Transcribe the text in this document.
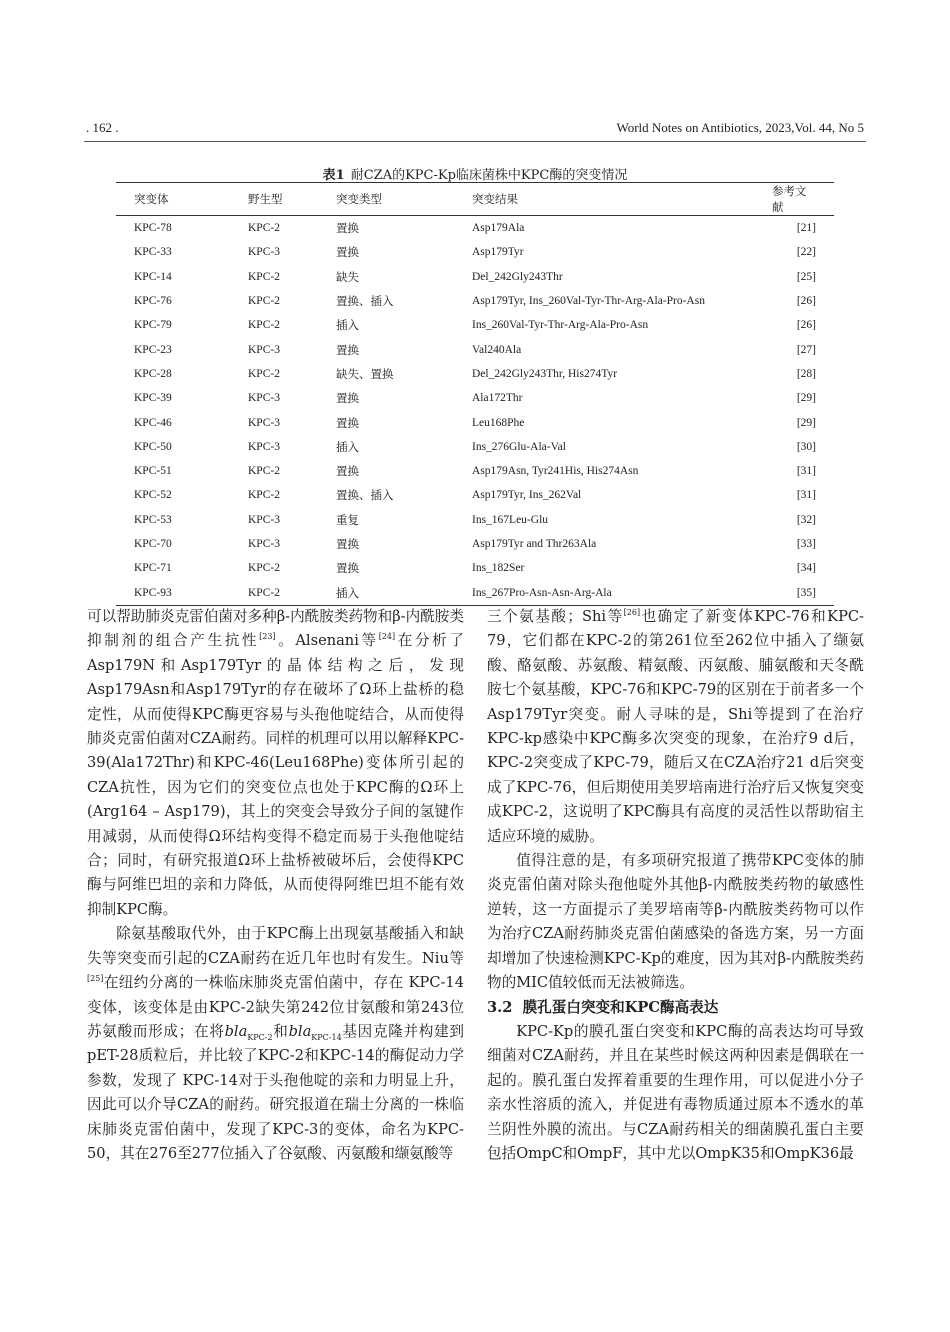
. 162 .	World Notes on Antibiotics, 2023,Vol. 44, No 5
表1 耐CZA的KPC-Kp临床菌株中KPC酶的突变情况
突变体	野生型	突变类型	突变结果	参考文献
KPC-78	KPC-2	置换	Asp179Ala	[21]
KPC-33	KPC-3	置换	Asp179Tyr	[22]
KPC-14	KPC-2	缺失	Del_242Gly243Thr	[25]
KPC-76	KPC-2	置换、插入	Asp179Tyr, Ins_260Val-Tyr-Thr-Arg-Ala-Pro-Asn	[26]
KPC-79	KPC-2	插入	Ins_260Val-Tyr-Thr-Arg-Ala-Pro-Asn	[26]
KPC-23	KPC-3	置换	Val240Ala	[27]
KPC-28	KPC-2	缺失、置换	Del_242Gly243Thr, His274Tyr	[28]
KPC-39	KPC-3	置换	Ala172Thr	[29]
KPC-46	KPC-3	置换	Leu168Phe	[29]
KPC-50	KPC-3	插入	Ins_276Glu-Ala-Val	[30]
KPC-51	KPC-2	置换	Asp179Asn, Tyr241His, His274Asn	[31]
KPC-52	KPC-2	置换、插入	Asp179Tyr, Ins_262Val	[31]
KPC-53	KPC-3	重复	Ins_167Leu-Glu	[32]
KPC-70	KPC-3	置换	Asp179Tyr and Thr263Ala	[33]
KPC-71	KPC-2	置换	Ins_182Ser	[34]
KPC-93	KPC-2	插入	Ins_267Pro-Asn-Asn-Arg-Ala	[35]

可以帮助肺炎克雷伯菌对多种β-内酰胺类药物和β-内酰胺类抑制剂的组合产生抗性[23]。Alsenani等[24]在分析了Asp179N和Asp179Tyr的晶体结构之后，发现Asp179Asn和Asp179Tyr的存在破坏了Ω环上盐桥的稳定性，从而使得KPC酶更容易与头孢他啶结合，从而使得肺炎克雷伯菌对CZA耐药。同样的机理可以用以解释KPC-39(Ala172Thr)和KPC-46(Leu168Phe)变体所引起的CZA抗性，因为它们的突变位点也处于KPC酶的Ω环上(Arg164 – Asp179)，其上的突变会导致分子间的氢键作用减弱，从而使得Ω环结构变得不稳定而易于头孢他啶结合；同时，有研究报道Ω环上盐桥被破坏后，会使得KPC酶与阿维巴坦的亲和力降低，从而使得阿维巴坦不能有效抑制KPC酶。

除氨基酸取代外，由于KPC酶上出现氨基酸插入和缺失等突变而引起的CZA耐药在近几年也时有发生。Niu等[25]在纽约分离的一株临床肺炎克雷伯菌中，存在 KPC-14变体，该变体是由KPC-2缺失第242位甘氨酸和第243位苏氨酸而形成；在将bla$_{KPC-2}$和bla$_{KPC-14}$基因克隆并构建到pET-28质粒后，并比较了KPC-2和KPC-14的酶促动力学参数，发现了 KPC-14对于头孢他啶的亲和力明显上升，因此可以介导CZA的耐药。研究报道在瑞士分离的一株临床肺炎克雷伯菌中，发现了KPC-3的变体，命名为KPC-50，其在276至277位插入了谷氨酸、丙氨酸和缬氨酸等

三个氨基酸；Shi等[26]也确定了新变体KPC-76和KPC-79，它们都在KPC-2的第261位至262位中插入了缬氨酸、酪氨酸、苏氨酸、精氨酸、丙氨酸、脯氨酸和天冬酰胺七个氨基酸，KPC-76和KPC-79的区别在于前者多一个Asp179Tyr突变。耐人寻味的是，Shi等提到了在治疗KPC-kp感染中KPC酶多次突变的现象，在治疗9 d后，KPC-2突变成了KPC-79，随后又在CZA治疗21 d后突变成了KPC-76，但后期使用美罗培南进行治疗后又恢复突变成KPC-2，这说明了KPC酶具有高度的灵活性以帮助宿主适应环境的威胁。

值得注意的是，有多项研究报道了携带KPC变体的肺炎克雷伯菌对除头孢他啶外其他β-内酰胺类药物的敏感性逆转，这一方面提示了美罗培南等β-内酰胺类药物可以作为治疗CZA耐药肺炎克雷伯菌感染的备选方案，另一方面却增加了快速检测KPC-Kp的难度，因为其对β-内酰胺类药物的MIC值较低而无法被筛选。

3.2 膜孔蛋白突变和KPC酶高表达

KPC-Kp的膜孔蛋白突变和KPC酶的高表达均可导致细菌对CZA耐药，并且在某些时候这两种因素是偶联在一起的。膜孔蛋白发挥着重要的生理作用，可以促进小分子亲水性溶质的流入，并促进有毒物质通过原本不透水的革兰阴性外膜的流出。与CZA耐药相关的细菌膜孔蛋白主要包括OmpC和OmpF，其中尤以OmpK35和OmpK36最
